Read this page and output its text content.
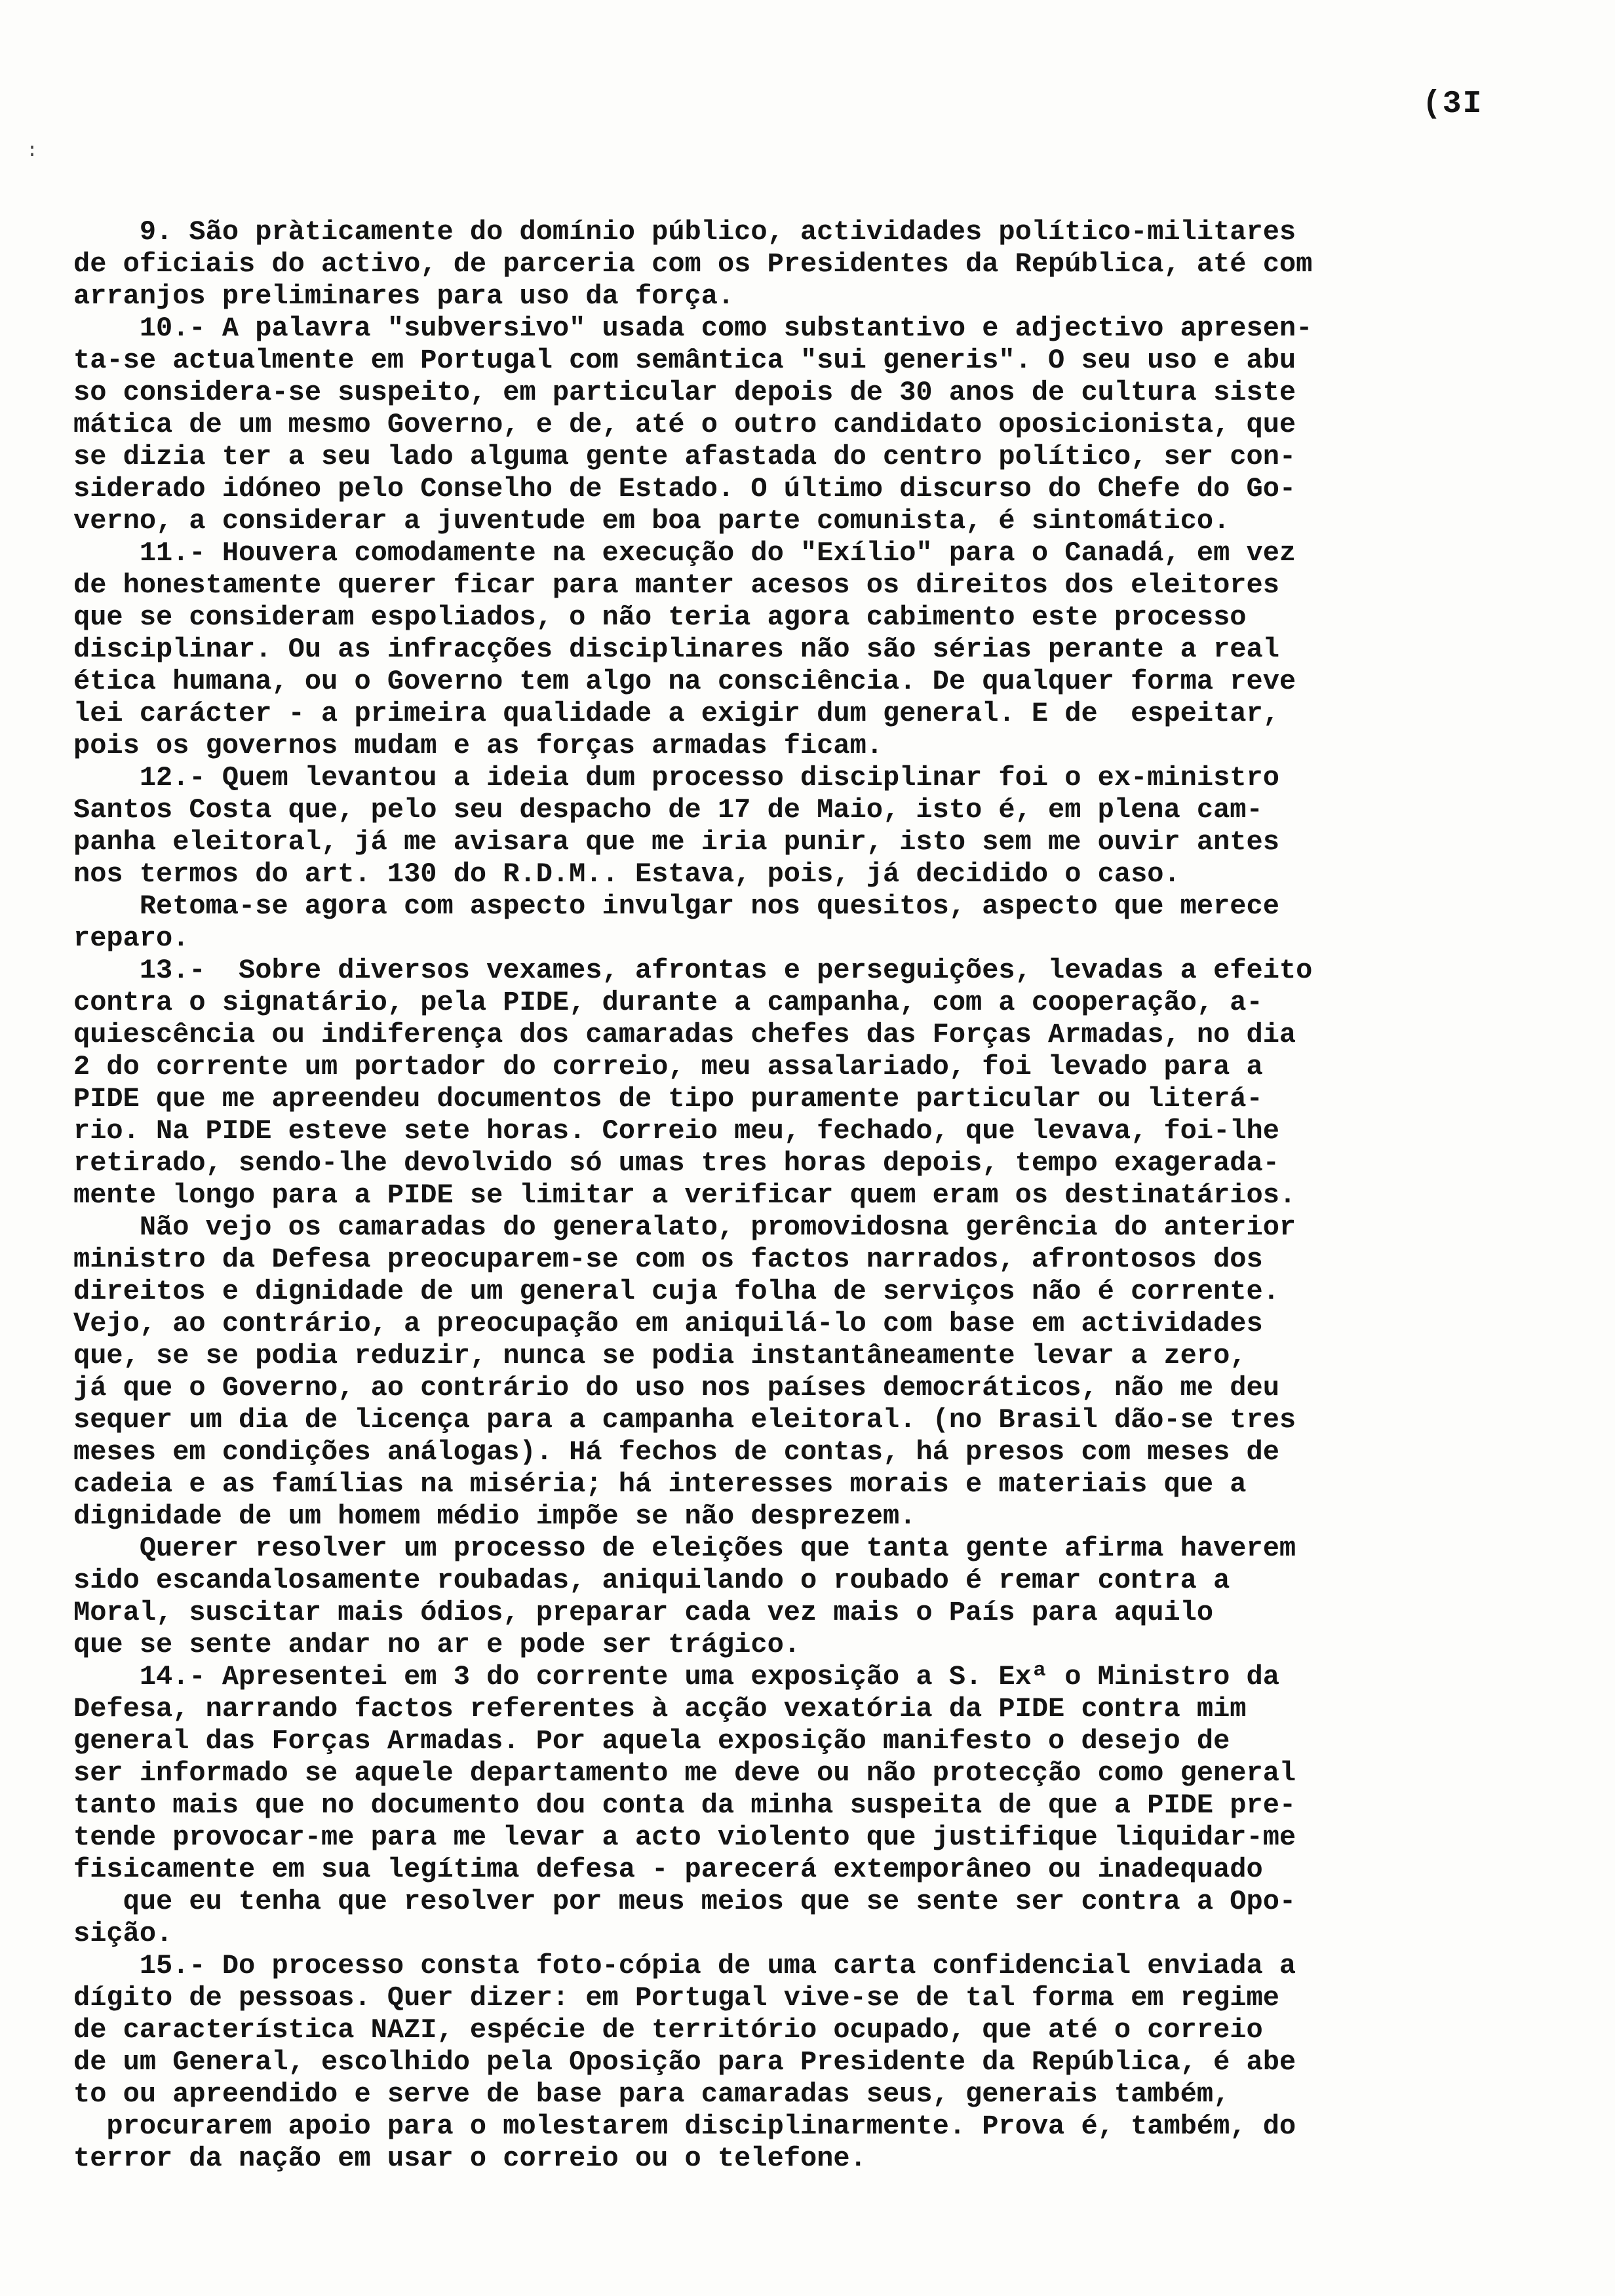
(3I
:
9. São pràticamente do domínio público, actividades político-militares
de oficiais do activo, de parceria com os Presidentes da República, até com
arranjos preliminares para uso da força.
10.- A palavra "subversivo" usada como substantivo e adjectivo apresen-
ta-se actualmente em Portugal com semântica "sui generis". O seu uso e abu
so considera-se suspeito, em particular depois de 30 anos de cultura siste
mática de um mesmo Governo, e de, até o outro candidato oposicionista, que
se dizia ter a seu lado alguma gente afastada do centro político, ser con-
siderado idóneo pelo Conselho de Estado. O último discurso do Chefe do Go-
verno, a considerar a juventude em boa parte comunista, é sintomático.
11.- Houvera comodamente na execução do "Exílio" para o Canadá, em vez
de honestamente querer ficar para manter acesos os direitos dos eleitores
que se consideram espoliados, o não teria agora cabimento este processo
disciplinar. Ou as infracções disciplinares não são sérias perante a real
ética humana, ou o Governo tem algo na consciência. De qualquer forma reve
lei carácter - a primeira qualidade a exigir dum general. E de  espeitar,
pois os governos mudam e as forças armadas ficam.
12.- Quem levantou a ideia dum processo disciplinar foi o ex-ministro
Santos Costa que, pelo seu despacho de 17 de Maio, isto é, em plena cam-
panha eleitoral, já me avisara que me iria punir, isto sem me ouvir antes
nos termos do art. 130 do R.D.M.. Estava, pois, já decidido o caso.
Retoma-se agora com aspecto invulgar nos quesitos, aspecto que merece
reparo.
13.-  Sobre diversos vexames, afrontas e perseguições, levadas a efeito
contra o signatário, pela PIDE, durante a campanha, com a cooperação, a-
quiescência ou indiferença dos camaradas chefes das Forças Armadas, no dia
2 do corrente um portador do correio, meu assalariado, foi levado para a
PIDE que me apreendeu documentos de tipo puramente particular ou literá-
rio. Na PIDE esteve sete horas. Correio meu, fechado, que levava, foi-lhe
retirado, sendo-lhe devolvido só umas tres horas depois, tempo exagerada-
mente longo para a PIDE se limitar a verificar quem eram os destinatários.
Não vejo os camaradas do generalato, promovidosna gerência do anterior
ministro da Defesa preocuparem-se com os factos narrados, afrontosos dos
direitos e dignidade de um general cuja folha de serviços não é corrente.
Vejo, ao contrário, a preocupação em aniquilá-lo com base em actividades
que, se se podia reduzir, nunca se podia instantâneamente levar a zero,
já que o Governo, ao contrário do uso nos países democráticos, não me deu
sequer um dia de licença para a campanha eleitoral. (no Brasil dão-se tres
meses em condições análogas). Há fechos de contas, há presos com meses de
cadeia e as famílias na miséria; há interesses morais e materiais que a
dignidade de um homem médio impõe se não desprezem.
Querer resolver um processo de eleições que tanta gente afirma haverem
sido escandalosamente roubadas, aniquilando o roubado é remar contra a
Moral, suscitar mais ódios, preparar cada vez mais o País para aquilo
que se sente andar no ar e pode ser trágico.
14.- Apresentei em 3 do corrente uma exposição a S. Exª o Ministro da
Defesa, narrando factos referentes à acção vexatória da PIDE contra mim
general das Forças Armadas. Por aquela exposição manifesto o desejo de
ser informado se aquele departamento me deve ou não protecção como general
tanto mais que no documento dou conta da minha suspeita de que a PIDE pre-
tende provocar-me para me levar a acto violento que justifique liquidar-me
fisicamente em sua legítima defesa - parecerá extemporâneo ou inadequado
que eu tenha que resolver por meus meios que se sente ser contra a Opo-
sição.
15.- Do processo consta foto-cópia de uma carta confidencial enviada a
dígito de pessoas. Quer dizer: em Portugal vive-se de tal forma em regime
de característica NAZI, espécie de território ocupado, que até o correio
de um General, escolhido pela Oposição para Presidente da República, é abe
to ou apreendido e serve de base para camaradas seus, generais também,
procurarem apoio para o molestarem disciplinarmente. Prova é, também, do
terror da nação em usar o correio ou o telefone.
